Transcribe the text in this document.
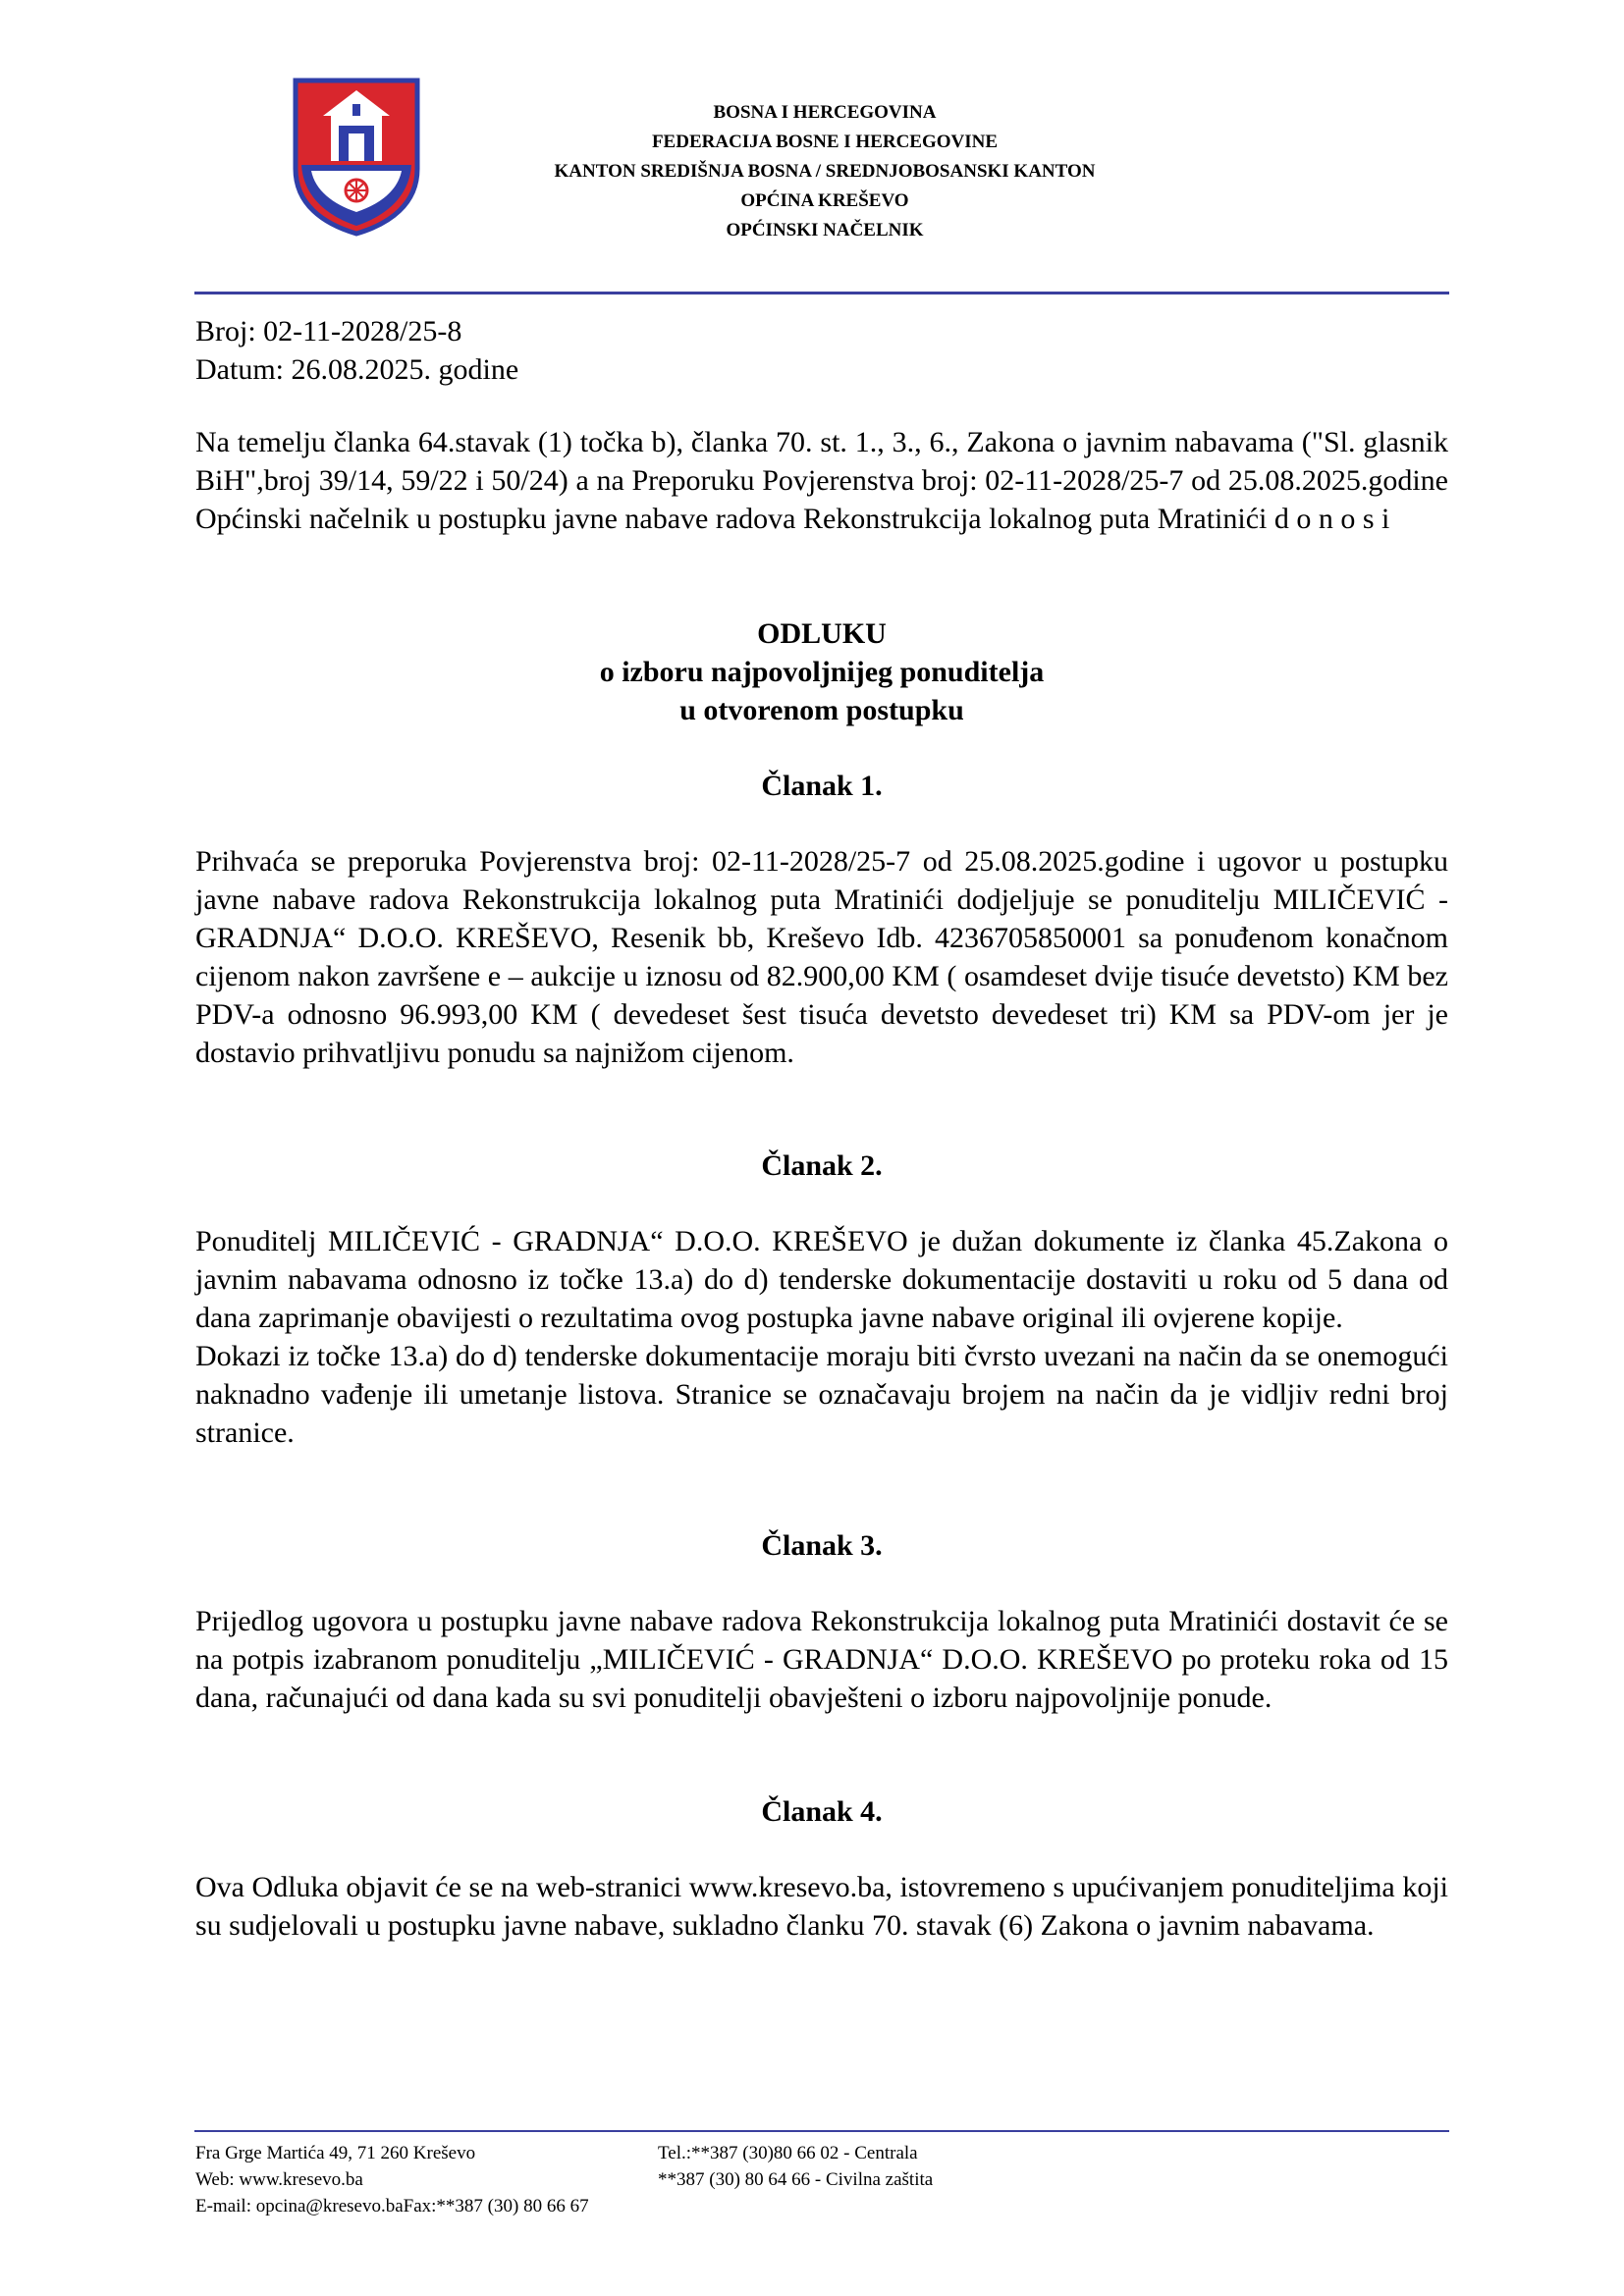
BOSNA I HERCEGOVINA
FEDERACIJA BOSNE I HERCEGOVINE
KANTON SREDIŠNJA BOSNA / SREDNJOBOSANSKI KANTON
OPĆINA KREŠEVO
OPĆINSKI NAČELNIK
Broj: 02-11-2028/25-8
Datum: 26.08.2025. godine

Na temelju članka 64.stavak (1) točka b), članka 70. st. 1., 3., 6., Zakona o javnim nabavama ("Sl. glasnik BiH",broj 39/14, 59/22 i 50/24) a na Preporuku Povjerenstva broj: 02-11-2028/25-7 od 25.08.2025.godine Općinski načelnik u postupku javne nabave radova Rekonstrukcija lokalnog puta Mratinići d o n o s i

ODLUKU
o izboru najpovoljnijeg ponuditelja
u otvorenom postupku
Članak 1.

Prihvaća se preporuka Povjerenstva broj: 02-11-2028/25-7 od 25.08.2025.godine i ugovor u postupku javne nabave radova Rekonstrukcija lokalnog puta Mratinići dodjeljuje se ponuditelju MILIČEVIĆ - GRADNJA“ D.O.O. KREŠEVO, Resenik bb, Kreševo Idb. 4236705850001 sa ponuđenom konačnom cijenom nakon završene e – aukcije u iznosu od 82.900,00 KM ( osamdeset dvije tisuće devetsto) KM bez PDV-a odnosno 96.993,00 KM ( devedeset šest tisuća devetsto devedeset tri) KM sa PDV-om jer je dostavio prihvatljivu ponudu sa najnižom cijenom.

Članak 2.

Ponuditelj MILIČEVIĆ - GRADNJA“ D.O.O. KREŠEVO je dužan dokumente iz članka 45.Zakona o javnim nabavama odnosno iz točke 13.a) do d) tenderske dokumentacije dostaviti u roku od 5 dana od dana zaprimanje obavijesti o rezultatima ovog postupka javne nabave original ili ovjerene kopije.

Dokazi iz točke 13.a) do d) tenderske dokumentacije moraju biti čvrsto uvezani na način da se onemogući naknadno vađenje ili umetanje listova. Stranice se označavaju brojem na način da je vidljiv redni broj stranice.

Članak 3.

Prijedlog ugovora u postupku javne nabave radova Rekonstrukcija lokalnog puta Mratinići dostavit će se na potpis izabranom ponuditelju „MILIČEVIĆ - GRADNJA“ D.O.O. KREŠEVO po proteku roka od 15 dana, računajući od dana kada su svi ponuditelji obavješteni o izboru najpovoljnije ponude.

Članak 4.

Ova Odluka objavit će se na web-stranici www.kresevo.ba, istovremeno s upućivanjem ponuditeljima koji su sudjelovali u postupku javne nabave, sukladno članku 70. stavak (6) Zakona o javnim nabavama.

Fra Grge Martića 49, 71 260 Kreševo	Tel.:**387 (30)80 66 02 - Centrala
Web: www.kresevo.ba	**387 (30) 80 64 66 - Civilna zaštita
E-mail: opcina@kresevo.baFax:**387 (30) 80 66 67
